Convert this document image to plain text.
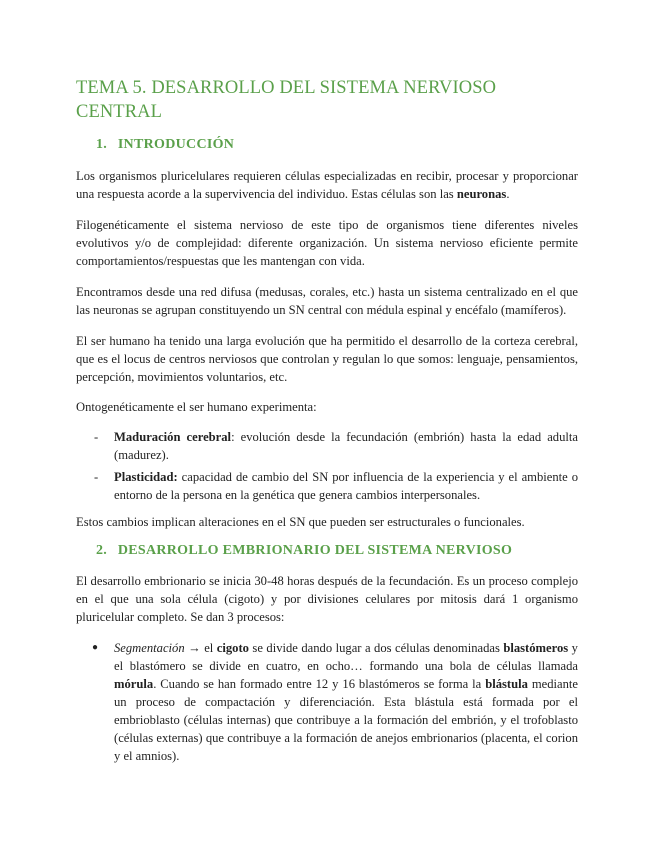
TEMA 5. DESARROLLO DEL SISTEMA NERVIOSO CENTRAL
1. INTRODUCCIÓN

Los organismos pluricelulares requieren células especializadas en recibir, procesar y proporcionar una respuesta acorde a la supervivencia del individuo. Estas células son las neuronas.

Filogenéticamente el sistema nervioso de este tipo de organismos tiene diferentes niveles evolutivos y/o de complejidad: diferente organización. Un sistema nervioso eficiente permite comportamientos/respuestas que les mantengan con vida.

Encontramos desde una red difusa (medusas, corales, etc.) hasta un sistema centralizado en el que las neuronas se agrupan constituyendo un SN central con médula espinal y encéfalo (mamíferos).

El ser humano ha tenido una larga evolución que ha permitido el desarrollo de la corteza cerebral, que es el locus de centros nerviosos que controlan y regulan lo que somos: lenguaje, pensamientos, percepción, movimientos voluntarios, etc.

Ontogenéticamente el ser humano experimenta:

- Maduración cerebral: evolución desde la fecundación (embrión) hasta la edad adulta (madurez).
- Plasticidad: capacidad de cambio del SN por influencia de la experiencia y el ambiente o entorno de la persona en la genética que genera cambios interpersonales.

Estos cambios implican alteraciones en el SN que pueden ser estructurales o funcionales.

2. DESARROLLO EMBRIONARIO DEL SISTEMA NERVIOSO

El desarrollo embrionario se inicia 30-48 horas después de la fecundación. Es un proceso complejo en el que una sola célula (cigoto) y por divisiones celulares por mitosis dará 1 organismo pluricelular completo. Se dan 3 procesos:

● Segmentación → el cigoto se divide dando lugar a dos células denominadas blastómeros y el blastómero se divide en cuatro, en ocho… formando una bola de células llamada mórula. Cuando se han formado entre 12 y 16 blastómeros se forma la blástula mediante un proceso de compactación y diferenciación. Esta blástula está formada por el embrioblasto (células internas) que contribuye a la formación del embrión, y el trofoblasto (células externas) que contribuye a la formación de anejos embrionarios (placenta, el corion y el amnios).
